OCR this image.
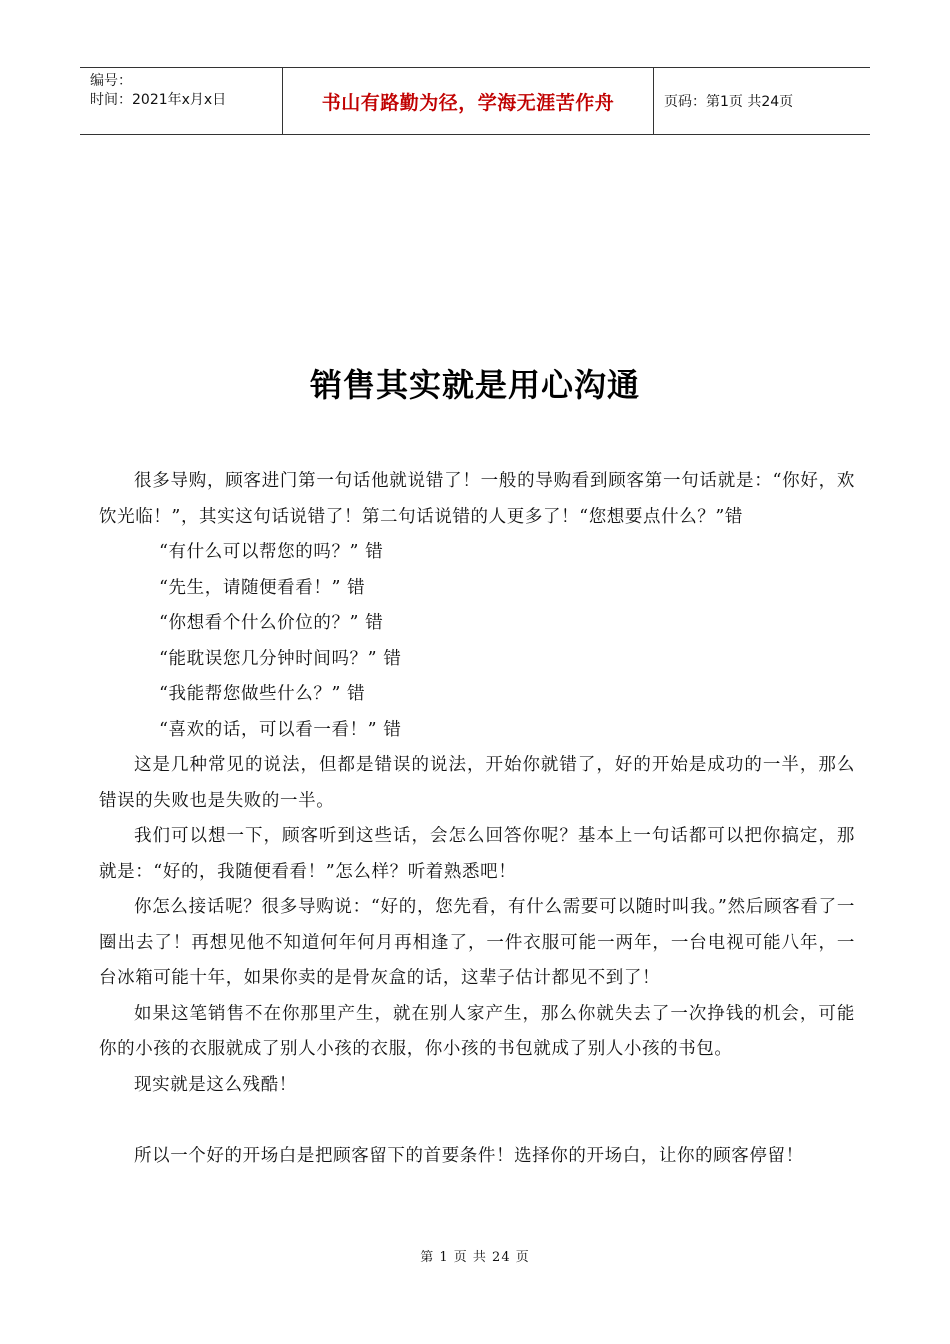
编号：
时间：2021年x月x日	书山有路勤为径，学海无涯苦作舟	页码：第1页 共24页
销售其实就是用心沟通

很多导购，顾客进门第一句话他就说错了！一般的导购看到顾客第一句话就是：“你好，欢饮光临！”，其实这句话说错了！第二句话说错的人更多了！“您想要点什么？”错

“有什么可以帮您的吗？” 错

“先生，请随便看看！” 错

“你想看个什么价位的？” 错

“能耽误您几分钟时间吗？” 错

“我能帮您做些什么？” 错

“喜欢的话，可以看一看！” 错

这是几种常见的说法，但都是错误的说法，开始你就错了，好的开始是成功的一半，那么错误的失败也是失败的一半。

我们可以想一下，顾客听到这些话，会怎么回答你呢？基本上一句话都可以把你搞定，那就是：“好的，我随便看看！”怎么样？听着熟悉吧！

你怎么接话呢？很多导购说：“好的，您先看，有什么需要可以随时叫我。”然后顾客看了一圈出去了！再想见他不知道何年何月再相逢了，一件衣服可能一两年，一台电视可能八年，一台冰箱可能十年，如果你卖的是骨灰盒的话，这辈子估计都见不到了！

如果这笔销售不在你那里产生，就在别人家产生，那么你就失去了一次挣钱的机会，可能你的小孩的衣服就成了别人小孩的衣服，你小孩的书包就成了别人小孩的书包。

现实就是这么残酷！

所以一个好的开场白是把顾客留下的首要条件！选择你的开场白，让你的顾客停留！

第 1 页 共 24 页
